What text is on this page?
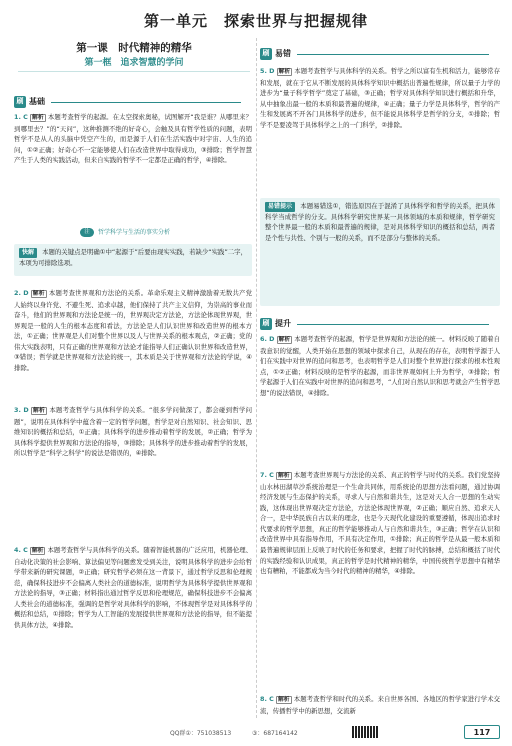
第一单元　探索世界与把握规律
第一课　时代精神的精华
第一框　追求智慧的学问
刷 基础
1. C 解析 本题考查哲学的起源。在太空探索奥秘，试图解开“我是谁？从哪里来？到哪里去？”的“天问”，这种推测不绝的好奇心，会触及具有哲学性质的问题，表明哲学不是从人的头脑中凭空产生的，而是源于人们在生活实践中对宇宙、人生的追问，①②正确；好奇心不一定能够使人们在改造世界中取得成功，③排除；哲学智慧产生于人类的实践活动，但来自实践的哲学不一定都是正确的哲学，④排除。
注	哲学科学与生活的事实分析
快解 本题的关键点是明确①中“起源于”后要由现实实践，若缺少“实践”二字，本项为可排除选项。
2. D 解析 本题考查世界观和方法论的关系。革命乐观主义精神激励着无数共产党人始终以身许党、不避生死、追求卓越，他们保持了共产主义信仰，为崇高的事业而奋斗，他们的世界观和方法论是统一的，世界观决定方法论，方法论体现世界观，世界观是一般的人生的根本态度和看法，方法论是人们认识世界和改造世界的根本方法，①正确；世界观是人们对整个世界以及人与世界关系的根本观点，②正确；党的伟大实践表明，只有正确的世界观和方法论才能指导人们正确认识世界和改造世界，③错误；哲学就是世界观和方法论的统一，其本质是关于世界观和方法论的学说，④排除。
3. D 解析 本题考查哲学与具体科学的关系。“很多学问做深了，都会碰到哲学问题”，说明在具体科学中蕴含着一定的哲学问题，哲学是对自然知识、社会知识、思维知识的概括和总结，①正确；具体科学的进步推动着哲学的发展，②正确；哲学为具体科学提供世界观和方法论的指导，③排除；具体科学的进步推动着哲学的发展，所以哲学是“科学之科学”的说法是错误的，④排除。
4. C 解析 本题考查哲学与具体科学的关系。随着智能机器的广泛应用，机器伦理、自动化决策的社会影响、算法偏见等问题愈发受到关注，说明具体科学的进步会给哲学带来新的研究课题，②正确；研究哲学必须在这一背景下，通过哲学反思和伦理规范，确保科技进步不会偏离人类社会的道德标准，说明哲学为具体科学提供世界观和方法论的指导，③正确；材料指出通过哲学反思和伦理规范，确保科技进步不会偏离人类社会的道德标准，强调的是哲学对具体科学的影响，不体现哲学是对具体科学的概括和总结，①排除；哲学为人工智能的发展提供世界观和方法论的指导，但不能提供具体方法，④排除。
刷 易错
5. D 解析 本题考查哲学与具体科学的关系。哲学之所以富有生机和活力，能够常存和发展，就在于它从不断发展的具体科学知识中概括出普遍性规律，所以量子力学的进步为“量子科学哲学”奠定了基础，③正确；哲学对具体科学知识进行概括和升华，从中抽象出最一般的本质和最普遍的规律，④正确；量子力学是具体科学，哲学的产生和发展离不开各门具体科学的进步，但不能说具体科学是哲学的分支，①排除；哲学不是要凌驾于具体科学之上的一门科学，②排除。
易错提示 本题易错选①，错选原因在于混淆了具体科学和哲学的关系，把具体科学当成哲学的分支。具体科学研究世界某一具体领域的本质和规律，哲学研究整个世界最一般的本质和最普遍的规律，是对具体科学知识的概括和总结，两者是个性与共性、个别与一般的关系，而不是部分与整体的关系。
刷 提升
6. D 解析 本题考查哲学的起源，哲学是世界观和方法论的统一。材料反映了随着自我意识的觉醒，人类开始在思想的领域中探求自己，从现在的存在，表明哲学源于人们在实践中对世界的追问和思考，也表明哲学是人们对整个世界进行探求的根本性观点，①②正确；材料反映的是哲学的起源，而非世界观如何上升为哲学，③排除；哲学起源于人们在实践中对世界的追问和思考，“人们对自然认识和思考就会产生哲学思想”的说法错误，④排除。
7. C 解析 本题考查世界观与方法论的关系、真正的哲学与时代的关系。我们党坚持山水林田湖草沙系统治理是一个生命共同体，用系统论的思想方法看问题，通过协调经济发展与生态保护的关系，寻求人与自然和谐共生，这是对天人合一思想的生动实践，这体现出世界观决定方法论，方法论体现世界观，②正确；顺应自然、追求天人合一，是中华民族自古以来的理念，也是今天现代化建设的重要遵循，体现出追求时代要求的哲学思想，真正的哲学能够推动人与自然和谐共生，③正确；哲学在认识和改造世界中具有指导作用，不具有决定作用，①排除；真正的哲学是从最一般本质和最普遍规律层面上反映了时代的任务和要求，把握了时代的脉搏，总结和概括了时代的实践经验和认识成果，真正的哲学是时代精神的精华，中国传统哲学思想中有精华也有糟粕，不能都成为当今时代的精神的精华，④排除。
8. C 解析 本题考查哲学和时代的关系。来自世界各国、各地区的哲学家进行学术交流，传播哲学中的新思想，交流新
QQ群①：751038513	③：687164142	117
